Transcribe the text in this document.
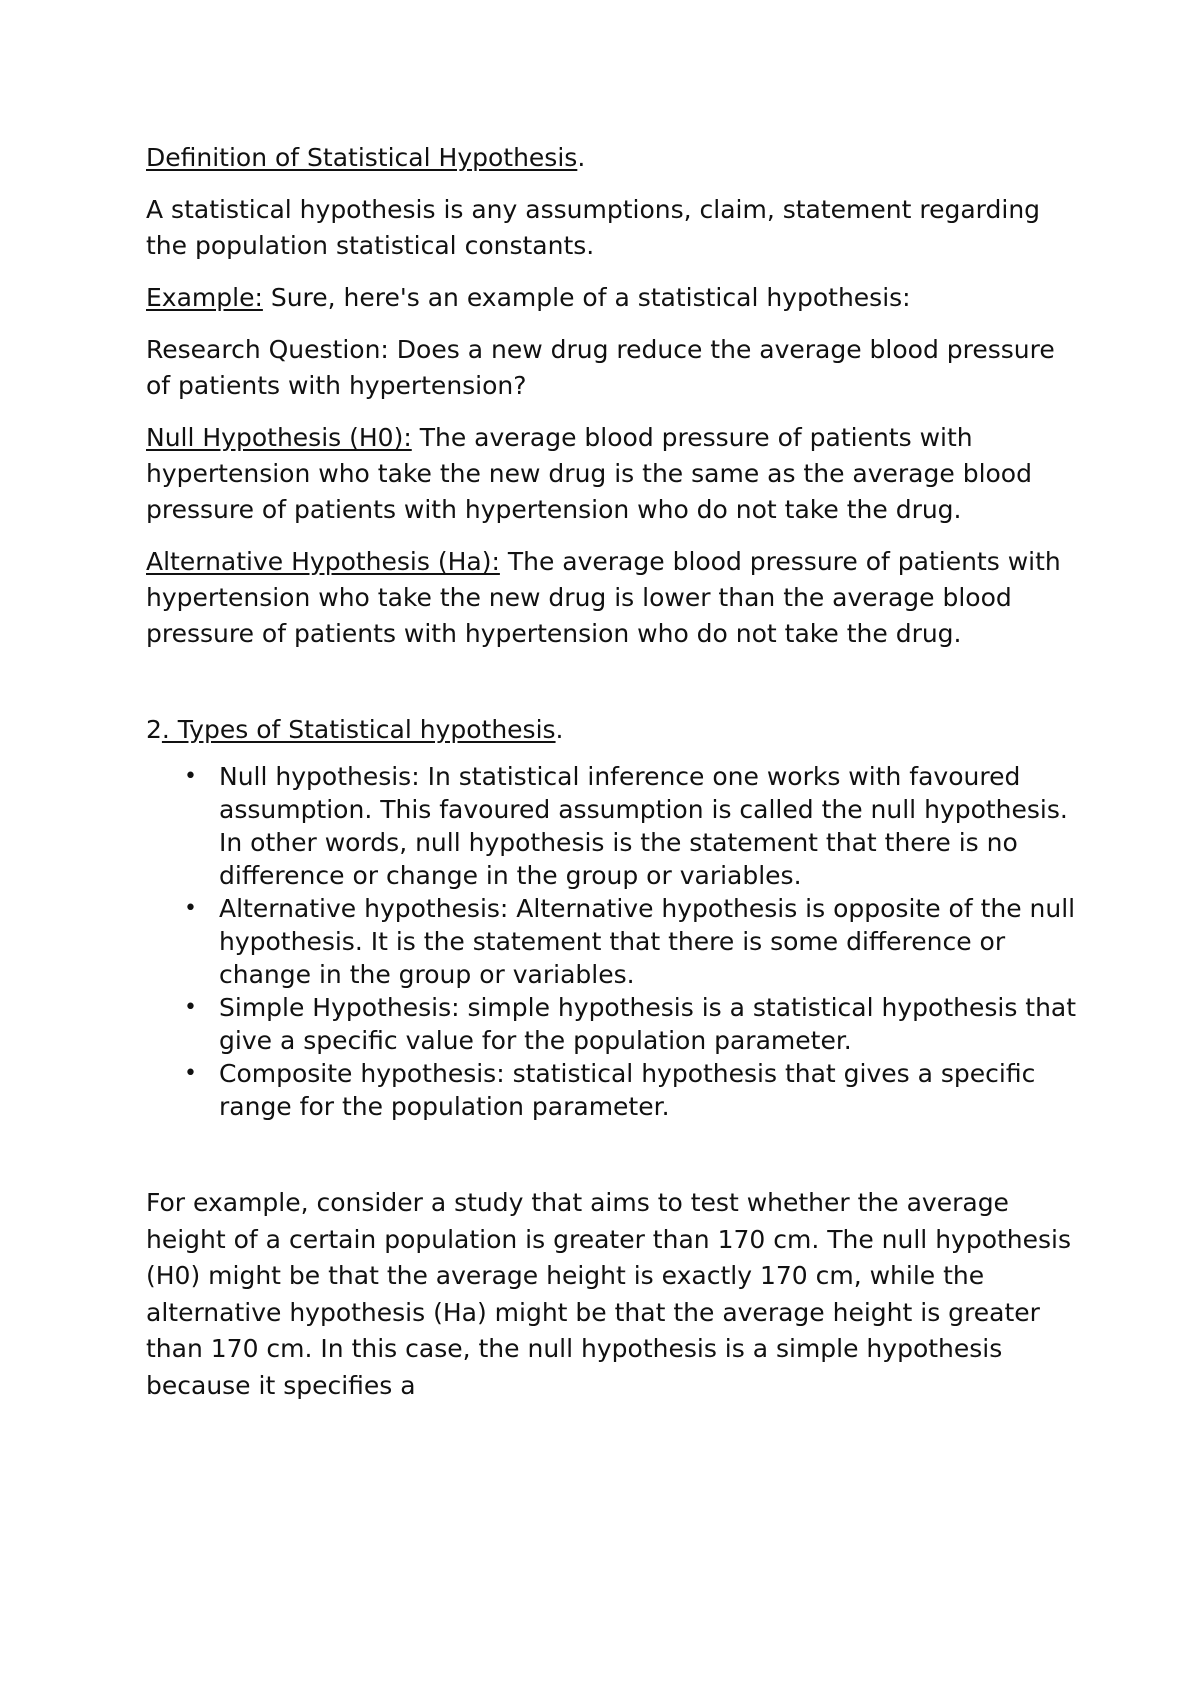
Definition of Statistical Hypothesis.

A statistical hypothesis is any assumptions, claim, statement regarding the population statistical constants.

Example: Sure, here's an example of a statistical hypothesis:

Research Question: Does a new drug reduce the average blood pressure of patients with hypertension?

Null Hypothesis (H0): The average blood pressure of patients with hypertension who take the new drug is the same as the average blood pressure of patients with hypertension who do not take the drug.

Alternative Hypothesis (Ha): The average blood pressure of patients with hypertension who take the new drug is lower than the average blood pressure of patients with hypertension who do not take the drug.

2. Types of Statistical hypothesis.

• Null hypothesis: In statistical inference one works with favoured assumption. This favoured assumption is called the null hypothesis. In other words, null hypothesis is the statement that there is no difference or change in the group or variables.
• Alternative hypothesis: Alternative hypothesis is opposite of the null hypothesis. It is the statement that there is some difference or change in the group or variables.
• Simple Hypothesis: simple hypothesis is a statistical hypothesis that give a specific value for the population parameter.
• Composite hypothesis: statistical hypothesis that gives a specific range for the population parameter.

For example, consider a study that aims to test whether the average height of a certain population is greater than 170 cm. The null hypothesis (H0) might be that the average height is exactly 170 cm, while the alternative hypothesis (Ha) might be that the average height is greater than 170 cm. In this case, the null hypothesis is a simple hypothesis because it specifies a
